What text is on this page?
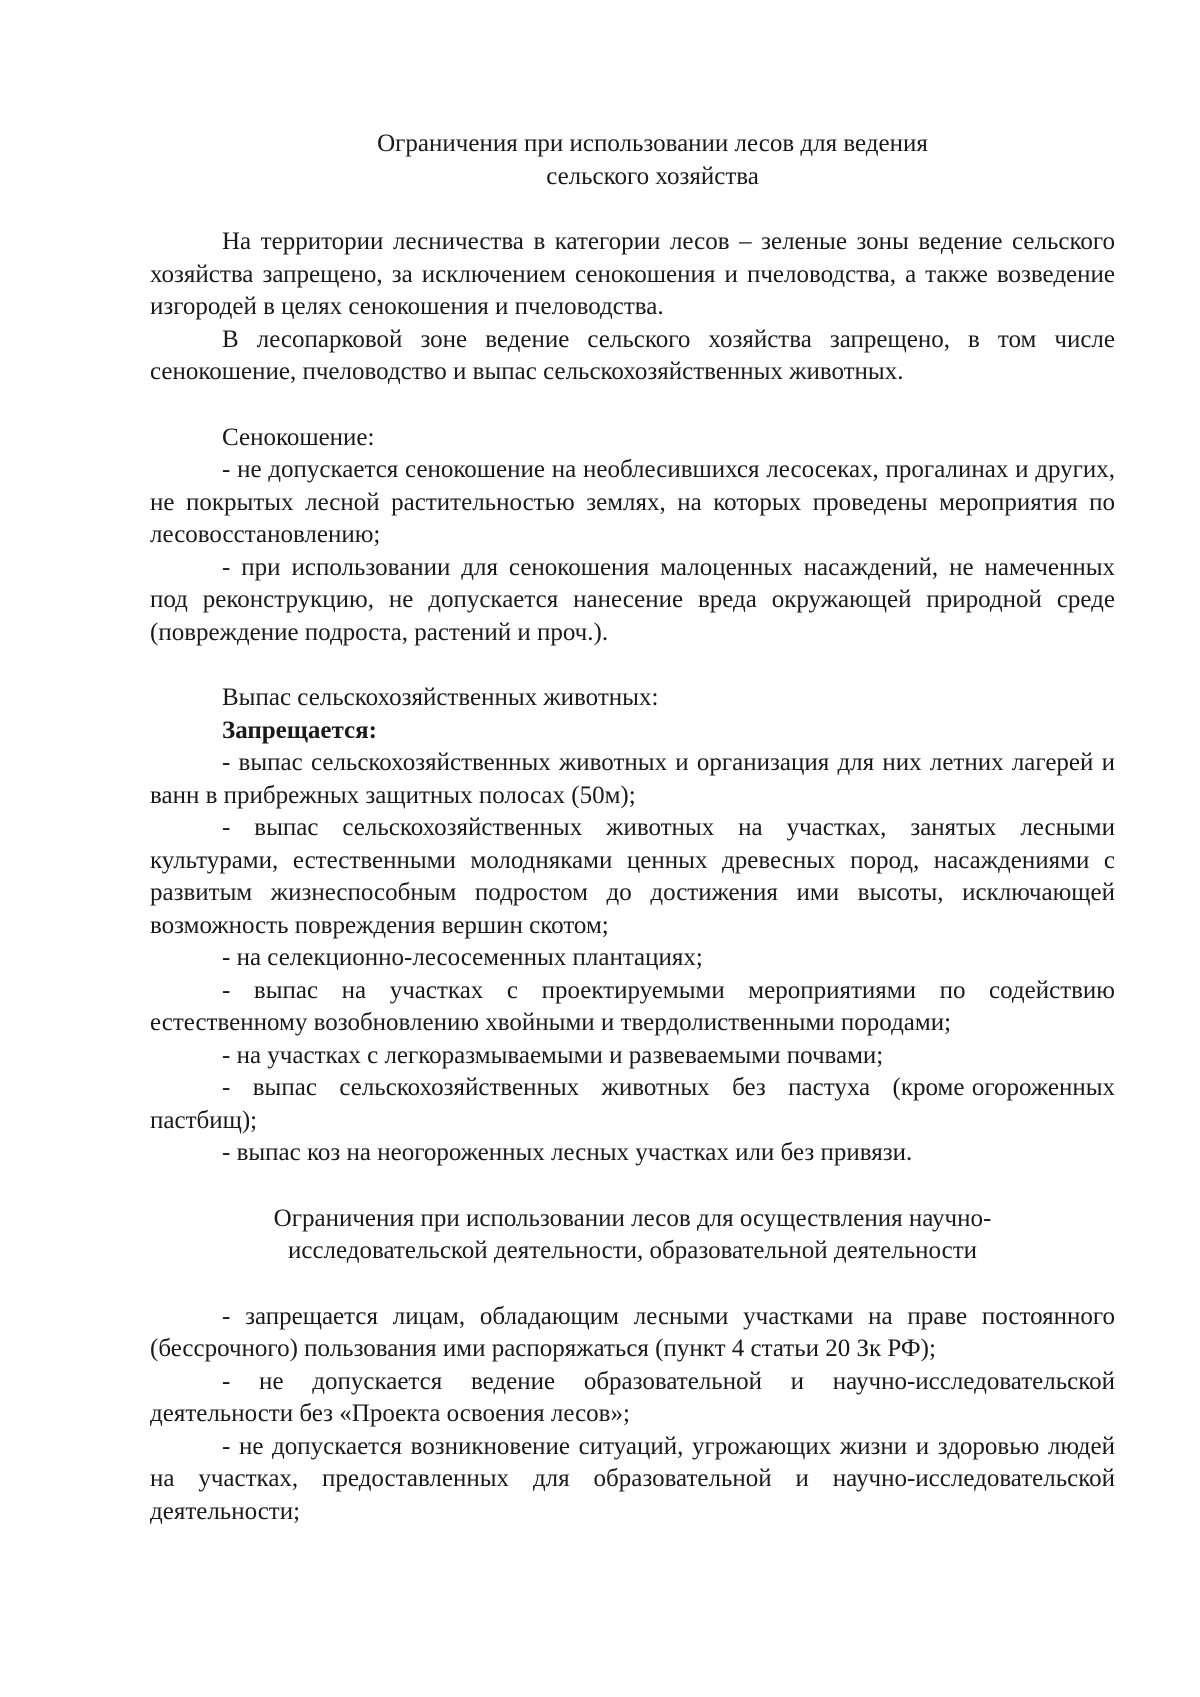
Ограничения при использовании лесов для ведения
сельского хозяйства

На территории лесничества в категории лесов – зеленые зоны ведение сельского хозяйства запрещено, за исключением сенокошения и пчеловодства, а также возведение изгородей в целях сенокошения и пчеловодства.

В лесопарковой зоне ведение сельского хозяйства запрещено, в том числе сенокошение, пчеловодство и выпас сельскохозяйственных животных.

Сенокошение:

- не допускается сенокошение на необлесившихся лесосеках, прогалинах и других, не покрытых лесной растительностью землях, на которых проведены мероприятия по лесовосстановлению;

- при использовании для сенокошения малоценных насаждений, не намеченных под реконструкцию, не допускается нанесение вреда окружающей природной среде (повреждение подроста, растений и проч.).

Выпас сельскохозяйственных животных:

Запрещается:

- выпас сельскохозяйственных животных и организация для них летних лагерей и ванн в прибрежных защитных полосах (50м);

- выпас сельскохозяйственных животных на участках, занятых лесными культурами, естественными молодняками ценных древесных пород, насаждениями с развитым жизнеспособным подростом до достижения ими высоты, исключающей возможность повреждения вершин скотом;

- на селекционно-лесосеменных плантациях;

- выпас на участках с проектируемыми мероприятиями по содействию естественному возобновлению хвойными и твердолиственными породами;

- на участках с легкоразмываемыми и развеваемыми почвами;

-   выпас   сельскохозяйственных   животных   без   пастуха   (кроме огороженных пастбищ);

- выпас коз на неогороженных лесных участках или без привязи.

Ограничения при использовании лесов для осуществления научно-
исследовательской деятельности, образовательной деятельности

- запрещается лицам, обладающим лесными участками на праве постоянного (бессрочного) пользования ими распоряжаться (пункт 4 статьи 20 Зк РФ);

- не допускается ведение образовательной и научно-исследовательской деятельности без «Проекта освоения лесов»;

- не допускается возникновение ситуаций, угрожающих жизни и здоровью людей на участках, предоставленных для образовательной и научно-исследовательской деятельности;
